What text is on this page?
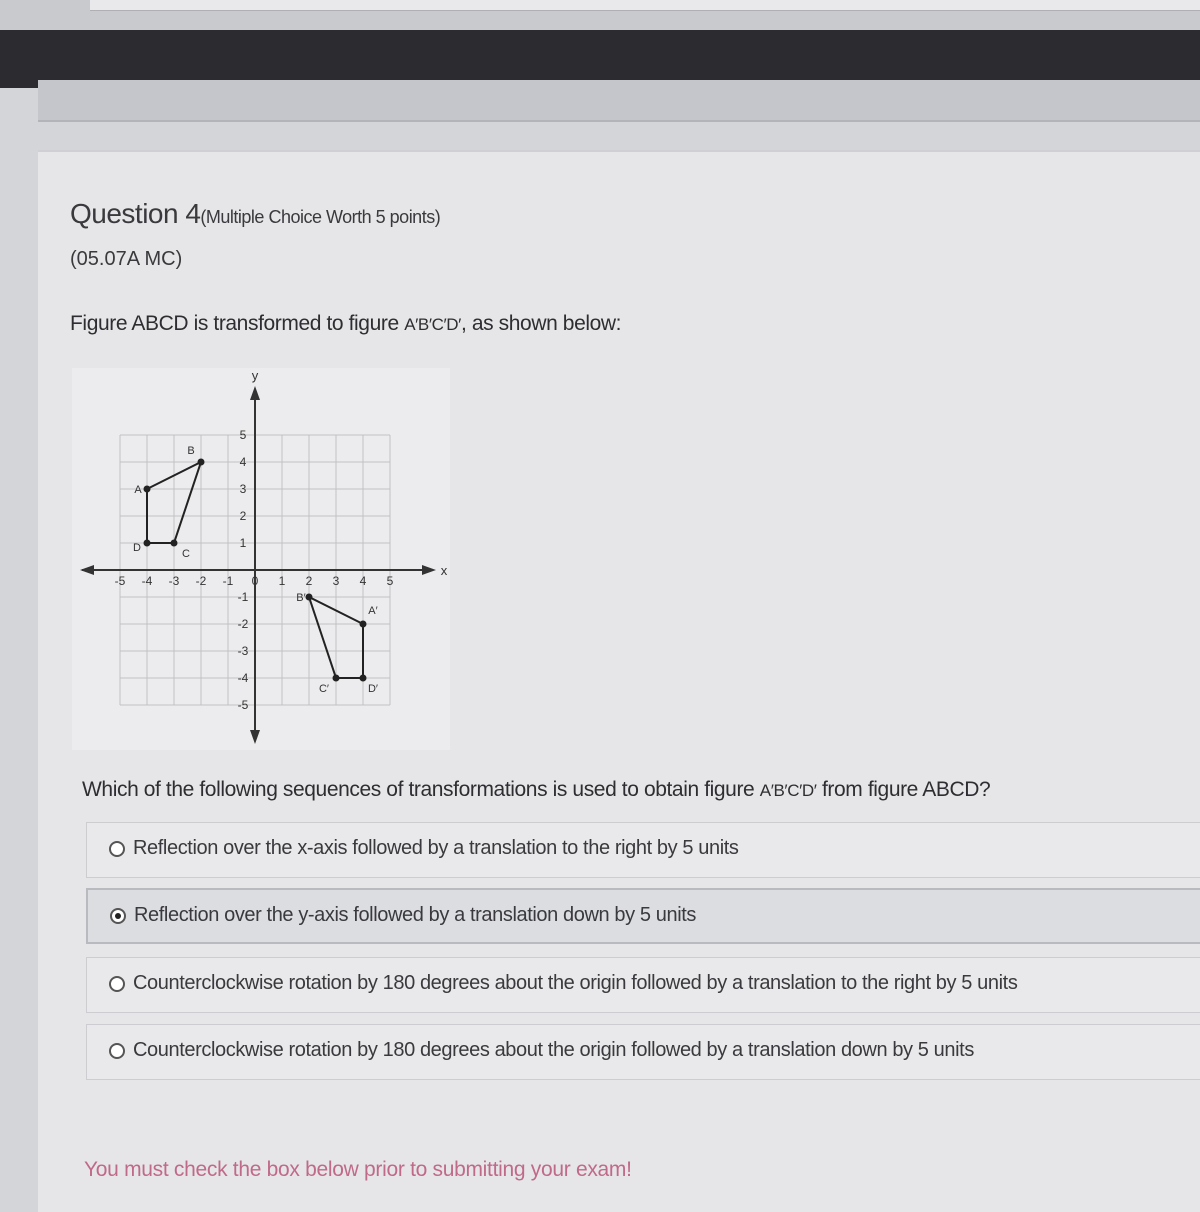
Question 4(Multiple Choice Worth 5 points)
(05.07A MC)
Figure ABCD is transformed to figure A′B′C′D′, as shown below:
x
y
-5 -4 -3 -2 -1 0 1 2 3 4 5
5
4
3
2
1
-1
-2
-3
-4
-5
A
B
C
D
A′
B′
C′	D′
Which of the following sequences of transformations is used to obtain figure A′B′C′D′ from figure ABCD?
Reflection over the x-axis followed by a translation to the right by 5 units
Reflection over the y-axis followed by a translation down by 5 units
Counterclockwise rotation by 180 degrees about the origin followed by a translation to the right by 5 units
Counterclockwise rotation by 180 degrees about the origin followed by a translation down by 5 units
You must check the box below prior to submitting your exam!
